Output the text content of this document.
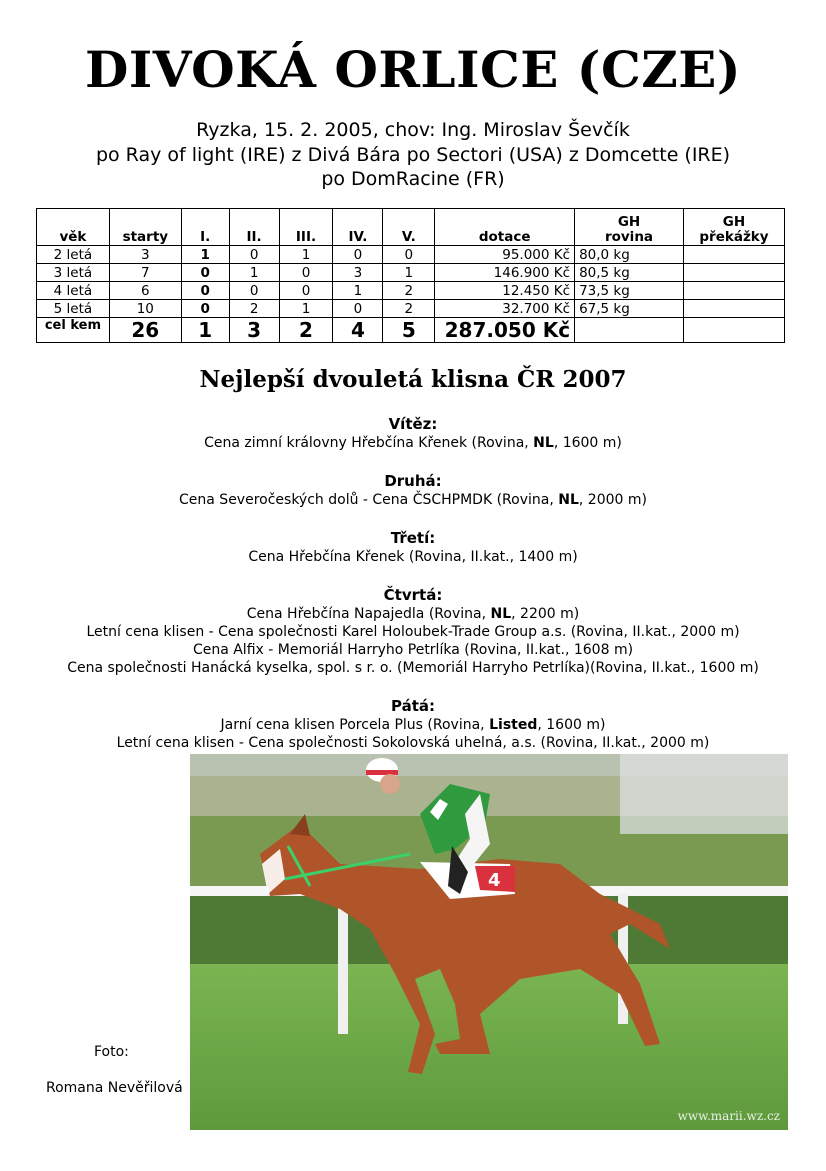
DIVOKÁ ORLICE (CZE)
Ryzka, 15. 2. 2005, chov: Ing. Miroslav Ševčík
po Ray of light (IRE) z Divá Bára po Sectori (USA) z Domcette (IRE)
po DomRacine (FR)
věk	starty	I.	II.	III.	IV.	V.	dotace	GH rovina	GH překážky
2 letá	3	1	0	1	0	0	95.000 Kč	80,0 kg	
3 letá	7	0	1	0	3	1	146.900 Kč	80,5 kg	
4 letá	6	0	0	0	1	2	12.450 Kč	73,5 kg	
5 letá	10	0	2	1	0	2	32.700 Kč	67,5 kg	
cel kem	26	1	3	2	4	5	287.050 Kč		
Nejlepší dvouletá klisna ČR 2007
Vítěz:
Cena zimní královny Hřebčína Křenek (Rovina, NL, 1600 m)
Druhá:
Cena Severočeských dolů - Cena ČSCHPMDK (Rovina, NL, 2000 m)
Třetí:
Cena Hřebčína Křenek (Rovina, II.kat., 1400 m)
Čtvrtá:
Cena Hřebčína Napajedla (Rovina, NL, 2200 m)
Letní cena klisen - Cena společnosti Karel Holoubek-Trade Group a.s. (Rovina, II.kat., 2000 m)
Cena Alfix - Memoriál Harryho Petrlíka (Rovina, II.kat., 1608 m)
Cena společnosti Hanácká kyselka, spol. s r. o. (Memoriál Harryho Petrlíka)(Rovina, II.kat., 1600 m)
Pátá:
Jarní cena klisen Porcela Plus (Rovina, Listed, 1600 m)
Letní cena klisen - Cena společnosti Sokolovská uhelná, a.s. (Rovina, II.kat., 2000 m)
4
www.marii.wz.cz
Foto:
Romana Nevěřilová
